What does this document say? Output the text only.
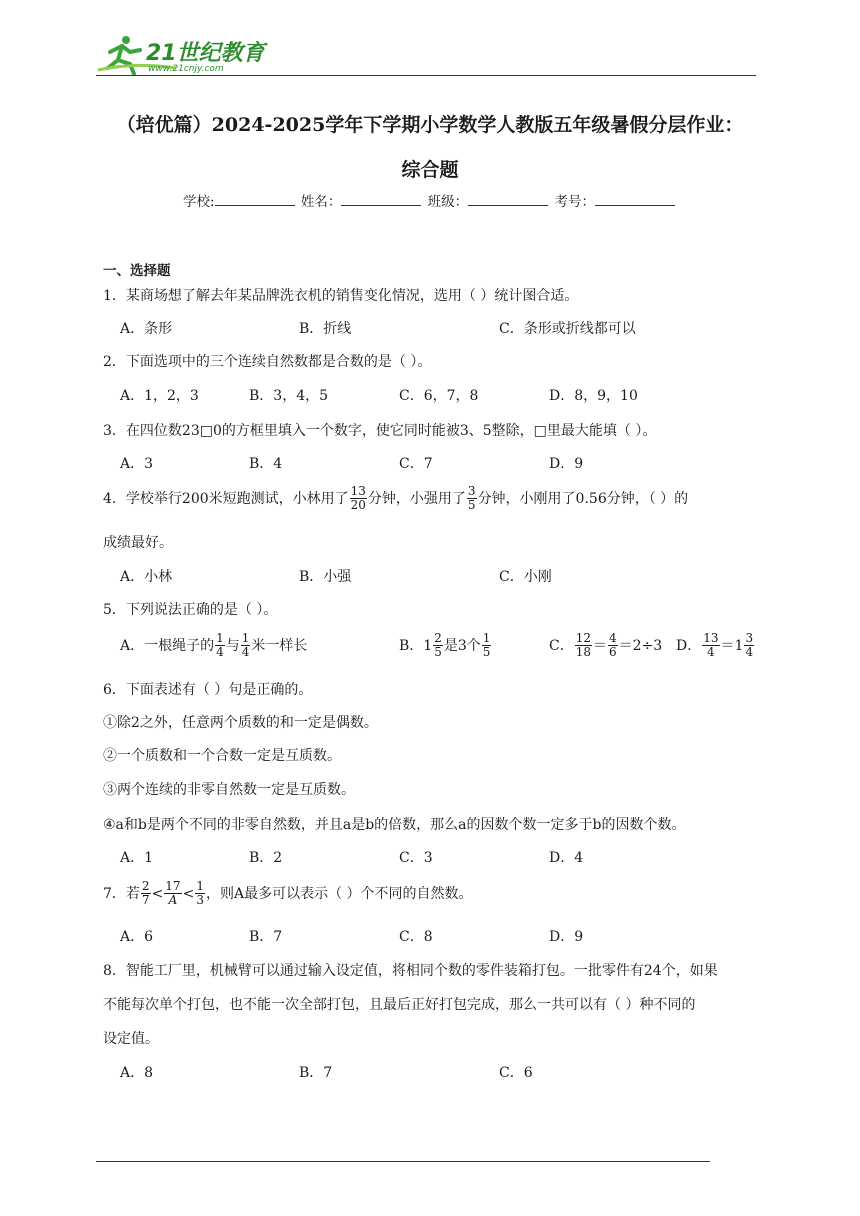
21世纪教育
www.21cnjy.com
（培优篇）2024-2025学年下学期小学数学人教版五年级暑假分层作业：
综合题
学校:	姓名：	班级：	考号：
一、选择题
1．某商场想了解去年某品牌洗衣机的销售变化情况，选用（ ）统计图合适。
A．条形	B．折线	C．条形或折线都可以
2．下面选项中的三个连续自然数都是合数的是（ ）。
A．1，2，3	B．3，4，5	C．6，7，8	D．8，9，10
3．在四位数23□0的方框里填入一个数字，使它同时能被3、5整除，□里最大能填（ ）。
A．3	B．4	C．7	D．9
4．学校举行200米短跑测试，小林用了 $\frac{13}{20}$ 分钟，小强用了 $\frac{3}{5}$ 分钟，小刚用了0.56分钟，（ ）的
成绩最好。
A．小林	B．小强	C．小刚
5．下列说法正确的是（ ）。
A．一根绳子的 $\frac{1}{4}$ 与 $\frac{1}{4}$ 米一样长	B． $1 \frac{2}{5}$ 是3个 $\frac{1}{5}$	C． $\frac{12}{18} = \frac{4}{6} =2\div 3$ D． $\frac{13}{4} = 1 \frac{3}{4}$
6．下面表述有（ ）句是正确的。
①除2之外，任意两个质数的和一定是偶数。
②一个质数和一个合数一定是互质数。
③两个连续的非零自然数一定是互质数。
④a和b是两个不同的非零自然数，并且a是b的倍数，那么a的因数个数一定多于b的因数个数。
A．1	B．2	C．3	D．4
7．若 $\frac{2}{7} < \frac{17}{A} < \frac{1}{3}$ ，则A最多可以表示（ ）个不同的自然数。
A．6	B．7	C．8	D．9
8．智能工厂里，机械臂可以通过输入设定值，将相同个数的零件装箱打包。一批零件有24个，如果
不能每次单个打包，也不能一次全部打包，且最后正好打包完成，那么一共可以有（ ）种不同的
设定值。
A．8	B．7	C．6
